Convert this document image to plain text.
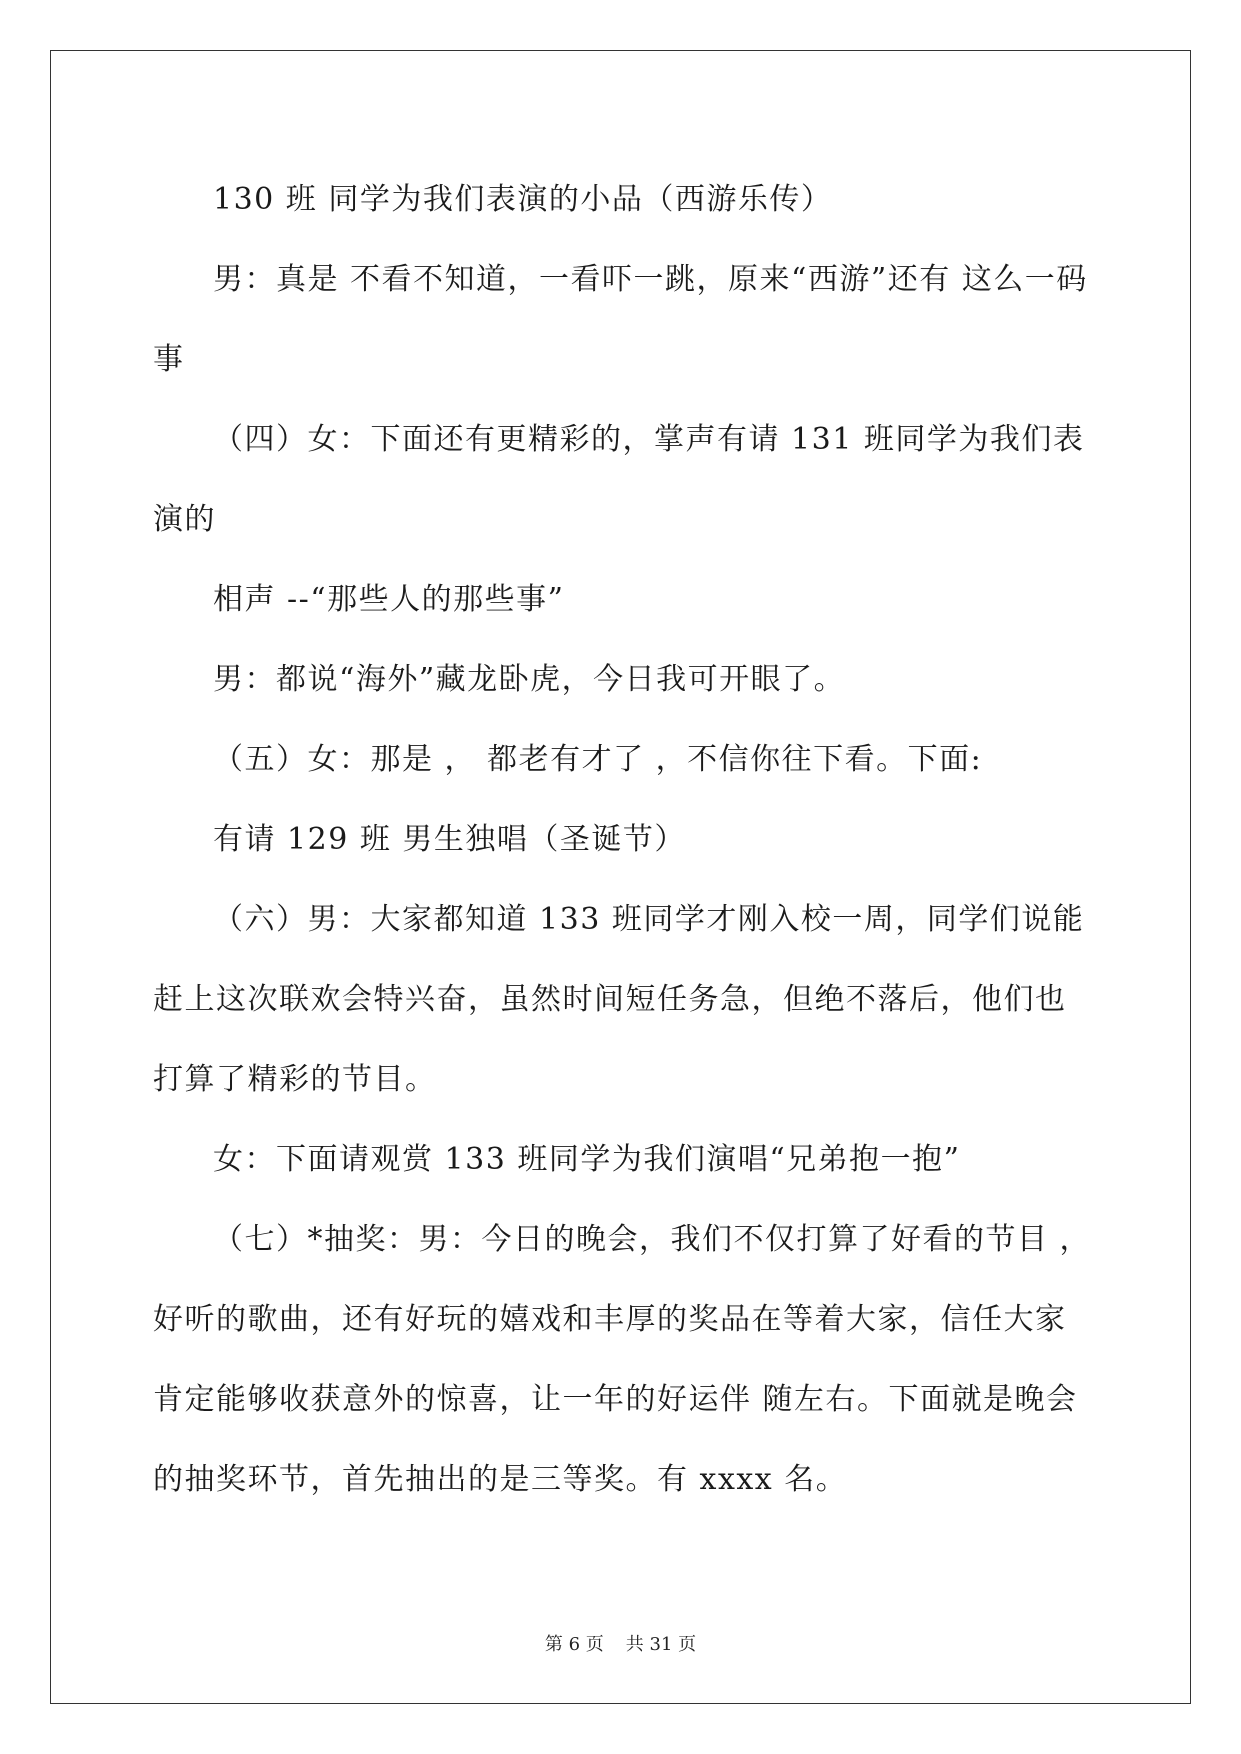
130 班 同学为我们表演的小品（西游乐传）

男：真是 不看不知道，一看吓一跳，原来“西游”还有 这么一码事

（四）女：下面还有更精彩的，掌声有请 131 班同学为我们表演的

相声 --“那些人的那些事”

男：都说“海外”藏龙卧虎，今日我可开眼了。

（五）女：那是 ， 都老有才了 ，不信你往下看。下面:

有请 129 班 男生独唱（圣诞节）

（六）男：大家都知道 133 班同学才刚入校一周，同学们说能赶上这次联欢会特兴奋，虽然时间短任务急，但绝不落后，他们也打算了精彩的节目。

女：下面请观赏 133 班同学为我们演唱“兄弟抱一抱”

（七）*抽奖：男：今日的晚会，我们不仅打算了好看的节目 ，好听的歌曲，还有好玩的嬉戏和丰厚的奖品在等着大家，信任大家肯定能够收获意外的惊喜，让一年的好运伴 随左右。下面就是晚会的抽奖环节，首先抽出的是三等奖。有 xxxx 名。

第 6 页 共 31 页
